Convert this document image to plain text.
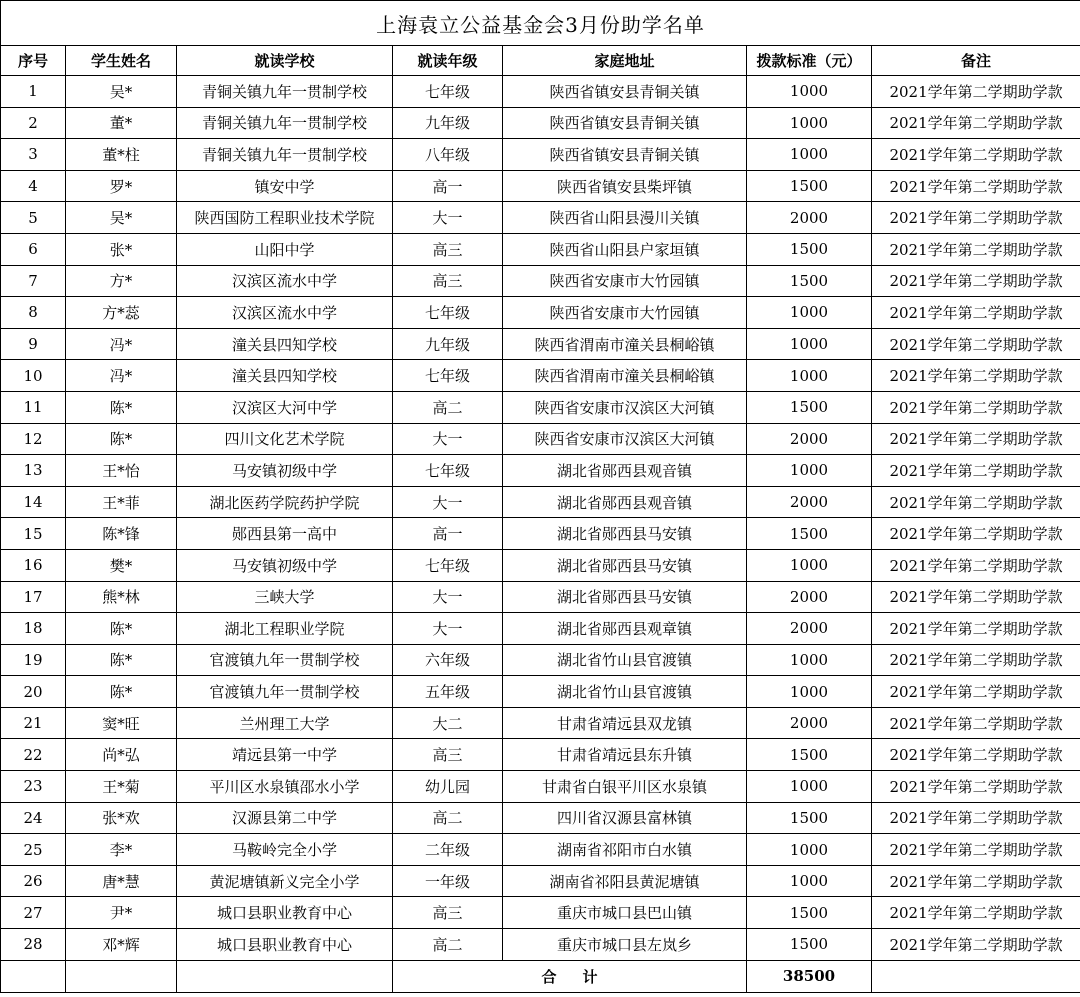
上海袁立公益基金会3月份助学名单						
序号	学生姓名	就读学校	就读年级	家庭地址	拨款标准（元）	备注
1	吴*	青铜关镇九年一贯制学校	七年级	陕西省镇安县青铜关镇	1000	2021学年第二学期助学款
2	董*	青铜关镇九年一贯制学校	九年级	陕西省镇安县青铜关镇	1000	2021学年第二学期助学款
3	董*柱	青铜关镇九年一贯制学校	八年级	陕西省镇安县青铜关镇	1000	2021学年第二学期助学款
4	罗*	镇安中学	高一	陕西省镇安县柴坪镇	1500	2021学年第二学期助学款
5	吴*	陕西国防工程职业技术学院	大一	陕西省山阳县漫川关镇	2000	2021学年第二学期助学款
6	张*	山阳中学	高三	陕西省山阳县户家垣镇	1500	2021学年第二学期助学款
7	方*	汉滨区流水中学	高三	陕西省安康市大竹园镇	1500	2021学年第二学期助学款
8	方*蕊	汉滨区流水中学	七年级	陕西省安康市大竹园镇	1000	2021学年第二学期助学款
9	冯*	潼关县四知学校	九年级	陕西省渭南市潼关县桐峪镇	1000	2021学年第二学期助学款
10	冯*	潼关县四知学校	七年级	陕西省渭南市潼关县桐峪镇	1000	2021学年第二学期助学款
11	陈*	汉滨区大河中学	高二	陕西省安康市汉滨区大河镇	1500	2021学年第二学期助学款
12	陈*	四川文化艺术学院	大一	陕西省安康市汉滨区大河镇	2000	2021学年第二学期助学款
13	王*怡	马安镇初级中学	七年级	湖北省郧西县观音镇	1000	2021学年第二学期助学款
14	王*菲	湖北医药学院药护学院	大一	湖北省郧西县观音镇	2000	2021学年第二学期助学款
15	陈*锋	郧西县第一高中	高一	湖北省郧西县马安镇	1500	2021学年第二学期助学款
16	樊*	马安镇初级中学	七年级	湖北省郧西县马安镇	1000	2021学年第二学期助学款
17	熊*林	三峡大学	大一	湖北省郧西县马安镇	2000	2021学年第二学期助学款
18	陈*	湖北工程职业学院	大一	湖北省郧西县观章镇	2000	2021学年第二学期助学款
19	陈*	官渡镇九年一贯制学校	六年级	湖北省竹山县官渡镇	1000	2021学年第二学期助学款
20	陈*	官渡镇九年一贯制学校	五年级	湖北省竹山县官渡镇	1000	2021学年第二学期助学款
21	窦*旺	兰州理工大学	大二	甘肃省靖远县双龙镇	2000	2021学年第二学期助学款
22	尚*弘	靖远县第一中学	高三	甘肃省靖远县东升镇	1500	2021学年第二学期助学款
23	王*菊	平川区水泉镇邵水小学	幼儿园	甘肃省白银平川区水泉镇	1000	2021学年第二学期助学款
24	张*欢	汉源县第二中学	高二	四川省汉源县富林镇	1500	2021学年第二学期助学款
25	李*	马鞍岭完全小学	二年级	湖南省祁阳市白水镇	1000	2021学年第二学期助学款
26	唐*慧	黄泥塘镇新义完全小学	一年级	湖南省祁阳县黄泥塘镇	1000	2021学年第二学期助学款
27	尹*	城口县职业教育中心	高三	重庆市城口县巴山镇	1500	2021学年第二学期助学款
28	邓*辉	城口县职业教育中心	高二	重庆市城口县左岚乡	1500	2021学年第二学期助学款
			合计		38500	
